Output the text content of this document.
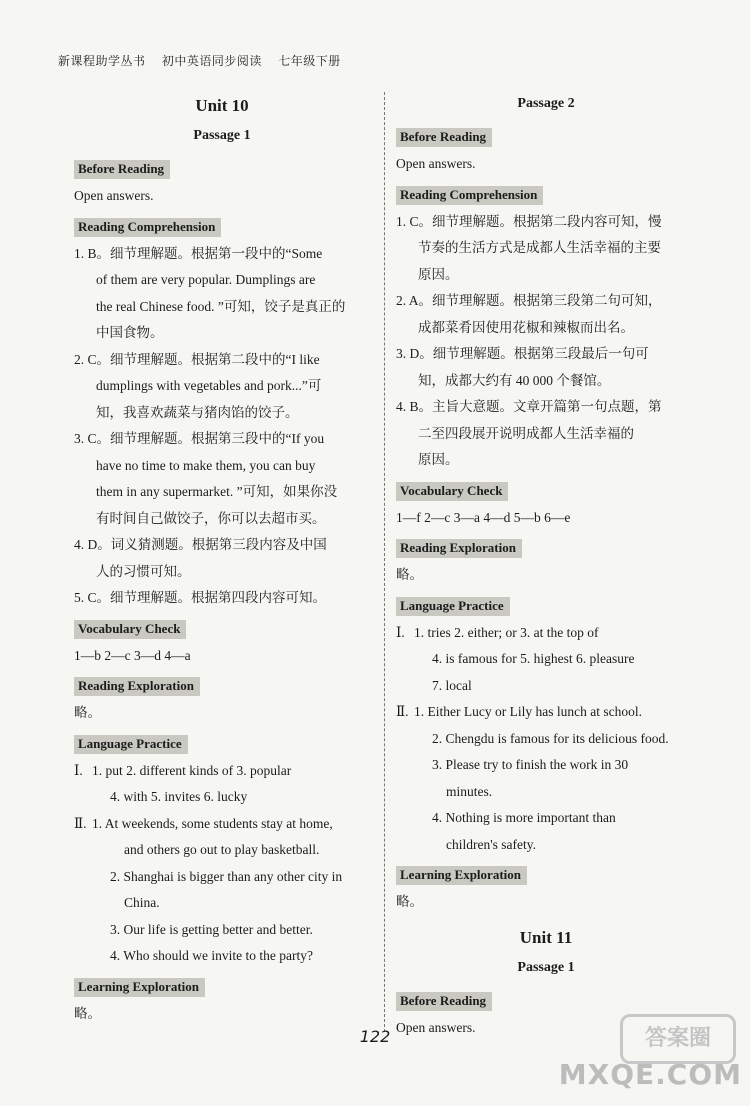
新课程助学丛书 初中英语同步阅读 七年级下册
Unit 10
Passage 1
Before Reading
Open answers.
Reading Comprehension
1. B。细节理解题。根据第一段中的“Some
of them are very popular. Dumplings are
the real Chinese food. ”可知，饺子是真正的
中国食物。
2. C。细节理解题。根据第二段中的“I like
dumplings with vegetables and pork...”可
知，我喜欢蔬菜与猪肉馅的饺子。
3. C。细节理解题。根据第三段中的“If you
have no time to make them, you can buy
them in any supermarket. ”可知，如果你没
有时间自己做饺子，你可以去超市买。
4. D。词义猜测题。根据第三段内容及中国
人的习惯可知。
5. C。细节理解题。根据第四段内容可知。
Vocabulary Check
1—b 2—c 3—d 4—a
Reading Exploration
略。
Language Practice
Ⅰ. 1. put 2. different kinds of 3. popular
4. with 5. invites 6. lucky
Ⅱ. 1. At weekends, some students stay at home,
and others go out to play basketball.
2. Shanghai is bigger than any other city in
China.
3. Our life is getting better and better.
4. Who should we invite to the party?
Learning Exploration
略。
Passage 2
Before Reading
Open answers.
Reading Comprehension
1. C。细节理解题。根据第二段内容可知，慢
节奏的生活方式是成都人生活幸福的主要
原因。
2. A。细节理解题。根据第三段第二句可知，
成都菜肴因使用花椒和辣椒而出名。
3. D。细节理解题。根据第三段最后一句可
知，成都大约有 40 000 个餐馆。
4. B。主旨大意题。文章开篇第一句点题，第
二至四段展开说明成都人生活幸福的
原因。
Vocabulary Check
1—f 2—c 3—a 4—d 5—b 6—e
Reading Exploration
略。
Language Practice
Ⅰ. 1. tries 2. either; or 3. at the top of
4. is famous for 5. highest 6. pleasure
7. local
Ⅱ. 1. Either Lucy or Lily has lunch at school.
2. Chengdu is famous for its delicious food.
3. Please try to finish the work in 30
minutes.
4. Nothing is more important than
children's safety.
Learning Exploration
略。
Unit 11
Passage 1
Before Reading
Open answers.
122	答案圈
MXQE.COM
